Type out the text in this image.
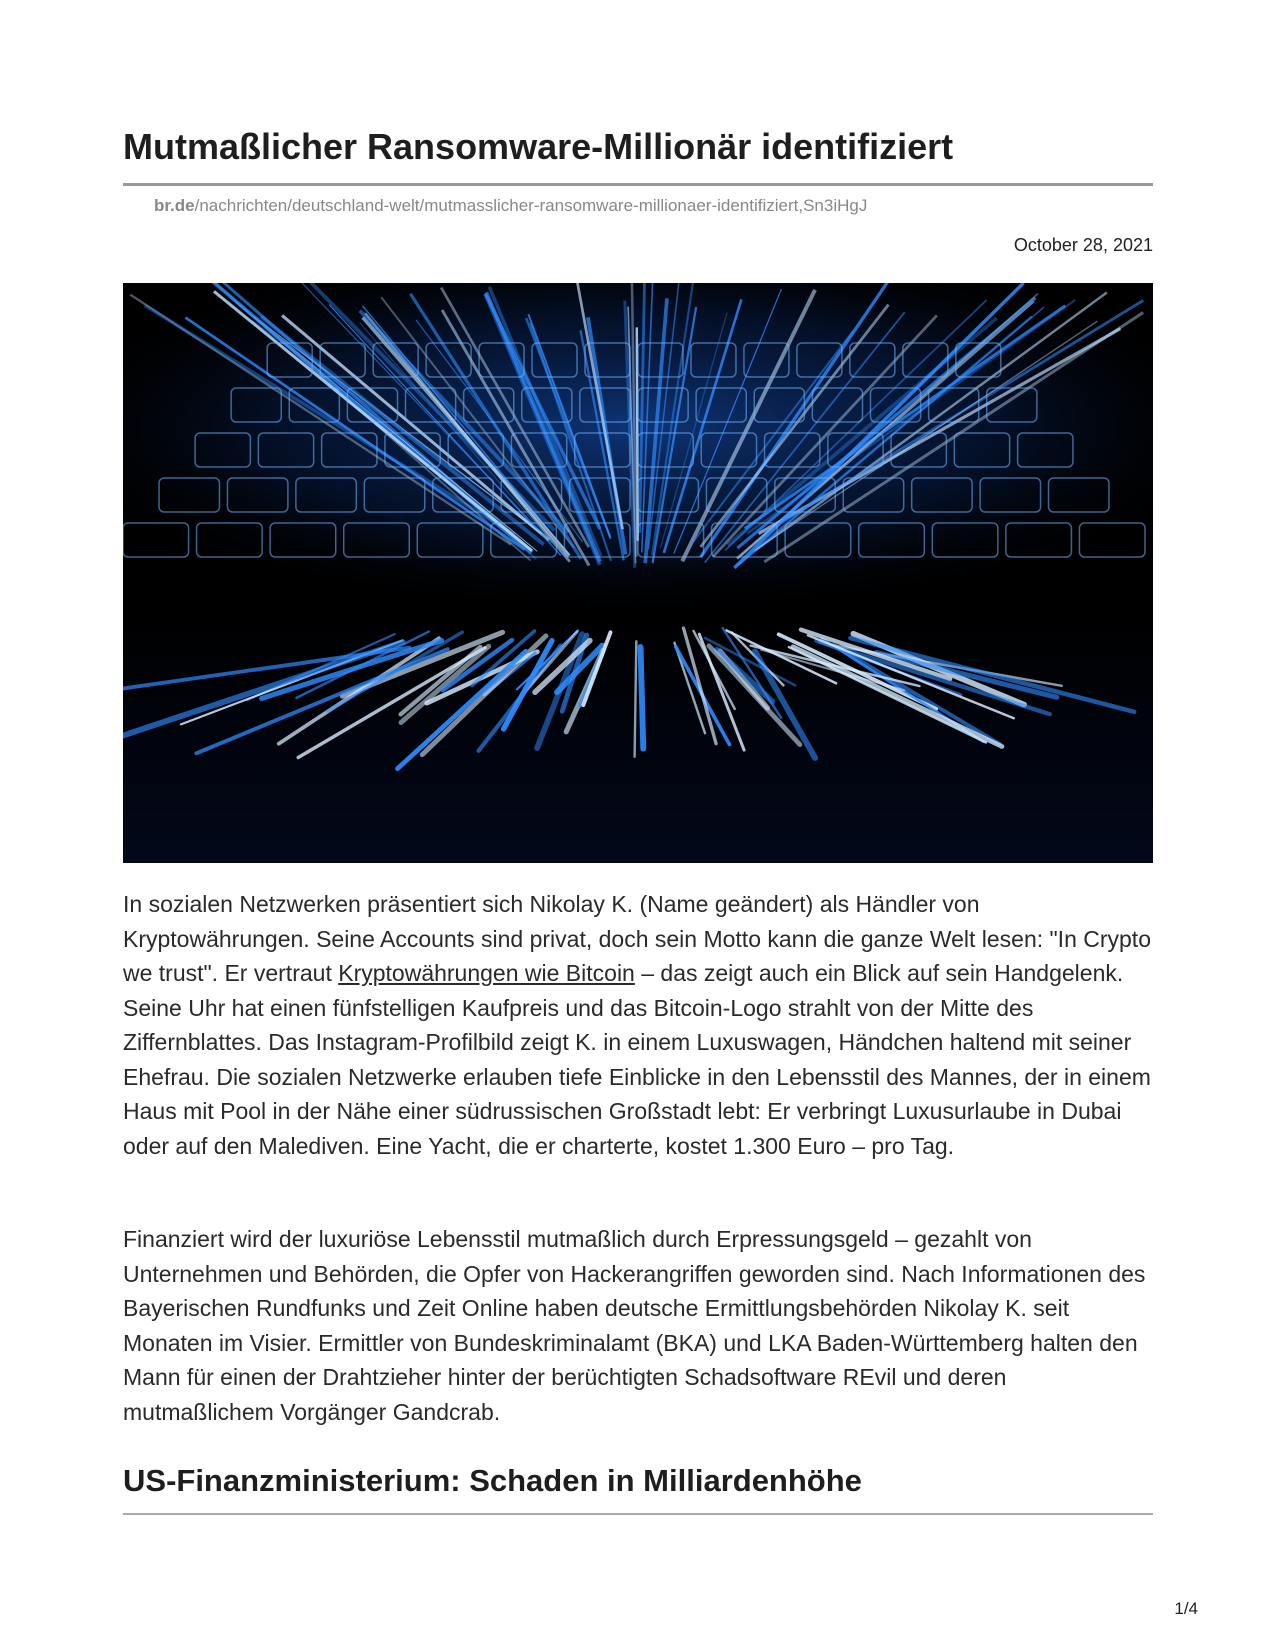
Mutmaßlicher Ransomware-Millionär identifiziert
br.de/nachrichten/deutschland-welt/mutmasslicher-ransomware-millionaer-identifiziert,Sn3iHgJ
October 28, 2021

In sozialen Netzwerken präsentiert sich Nikolay K. (Name geändert) als Händler von Kryptowährungen. Seine Accounts sind privat, doch sein Motto kann die ganze Welt lesen: "In Crypto we trust". Er vertraut Kryptowährungen wie Bitcoin – das zeigt auch ein Blick auf sein Handgelenk. Seine Uhr hat einen fünfstelligen Kaufpreis und das Bitcoin-Logo strahlt von der Mitte des Ziffernblattes. Das Instagram-Profilbild zeigt K. in einem Luxuswagen, Händchen haltend mit seiner Ehefrau. Die sozialen Netzwerke erlauben tiefe Einblicke in den Lebensstil des Mannes, der in einem Haus mit Pool in der Nähe einer südrussischen Großstadt lebt: Er verbringt Luxusurlaube in Dubai oder auf den Malediven. Eine Yacht, die er charterte, kostet 1.300 Euro – pro Tag.

Finanziert wird der luxuriöse Lebensstil mutmaßlich durch Erpressungsgeld – gezahlt von Unternehmen und Behörden, die Opfer von Hackerangriffen geworden sind. Nach Informationen des Bayerischen Rundfunks und Zeit Online haben deutsche Ermittlungsbehörden Nikolay K. seit Monaten im Visier. Ermittler von Bundeskriminalamt (BKA) und LKA Baden-Württemberg halten den Mann für einen der Drahtzieher hinter der berüchtigten Schadsoftware REvil und deren mutmaßlichem Vorgänger Gandcrab.

US-Finanzministerium: Schaden in Milliardenhöhe
1/4
